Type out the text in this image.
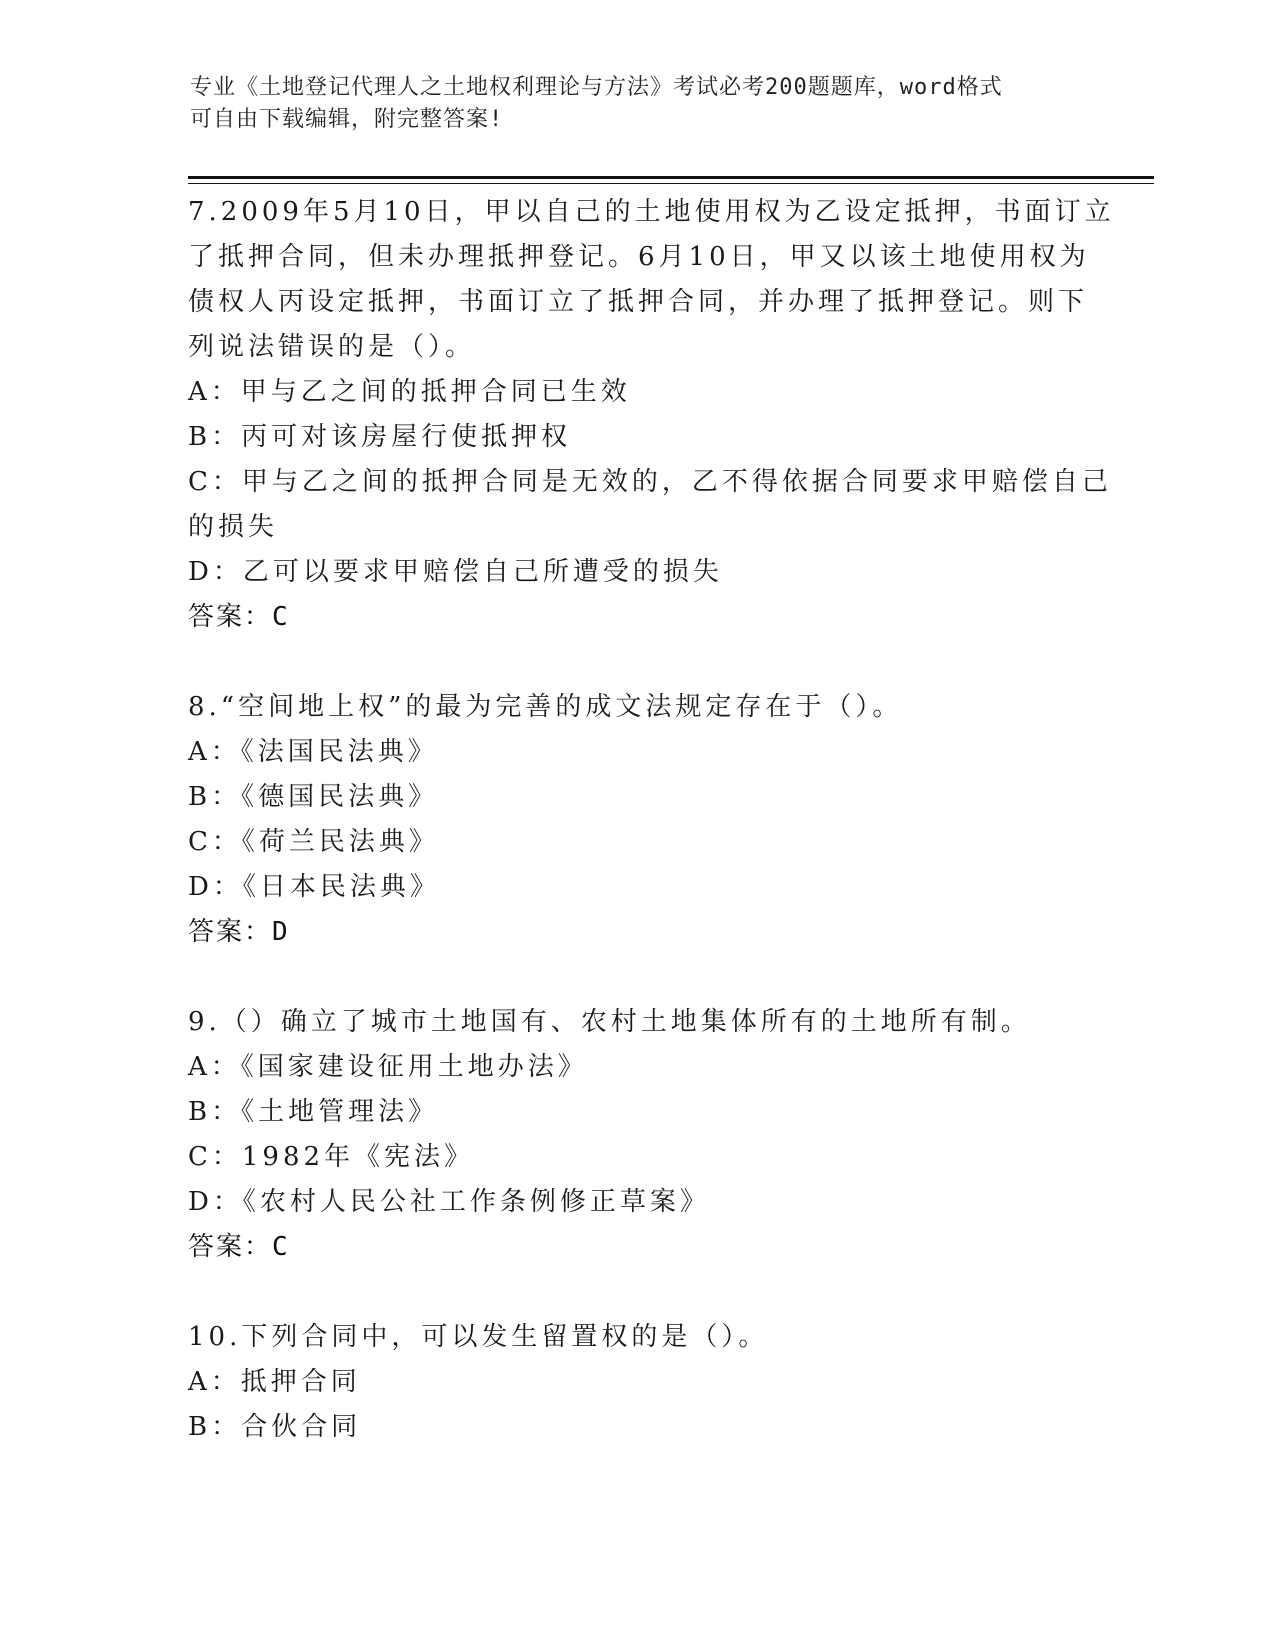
专业《土地登记代理人之土地权利理论与方法》考试必考200题题库，word格式
可自由下载编辑，附完整答案!
7.2009年5月10日，甲以自己的土地使用权为乙设定抵押，书面订立
了抵押合同，但未办理抵押登记。6月10日，甲又以该土地使用权为
债权人丙设定抵押，书面订立了抵押合同，并办理了抵押登记。则下
列说法错误的是（）。
A：甲与乙之间的抵押合同已生效
B：丙可对该房屋行使抵押权
C：甲与乙之间的抵押合同是无效的，乙不得依据合同要求甲赔偿自己
的损失
D：乙可以要求甲赔偿自己所遭受的损失
答案：C
8.“空间地上权”的最为完善的成文法规定存在于（）。
A：《法国民法典》
B：《德国民法典》
C：《荷兰民法典》
D：《日本民法典》
答案：D
9.（）确立了城市土地国有、农村土地集体所有的土地所有制。
A：《国家建设征用土地办法》
B：《土地管理法》
C：1982年《宪法》
D：《农村人民公社工作条例修正草案》
答案：C
10.下列合同中，可以发生留置权的是（）。
A：抵押合同
B：合伙合同
